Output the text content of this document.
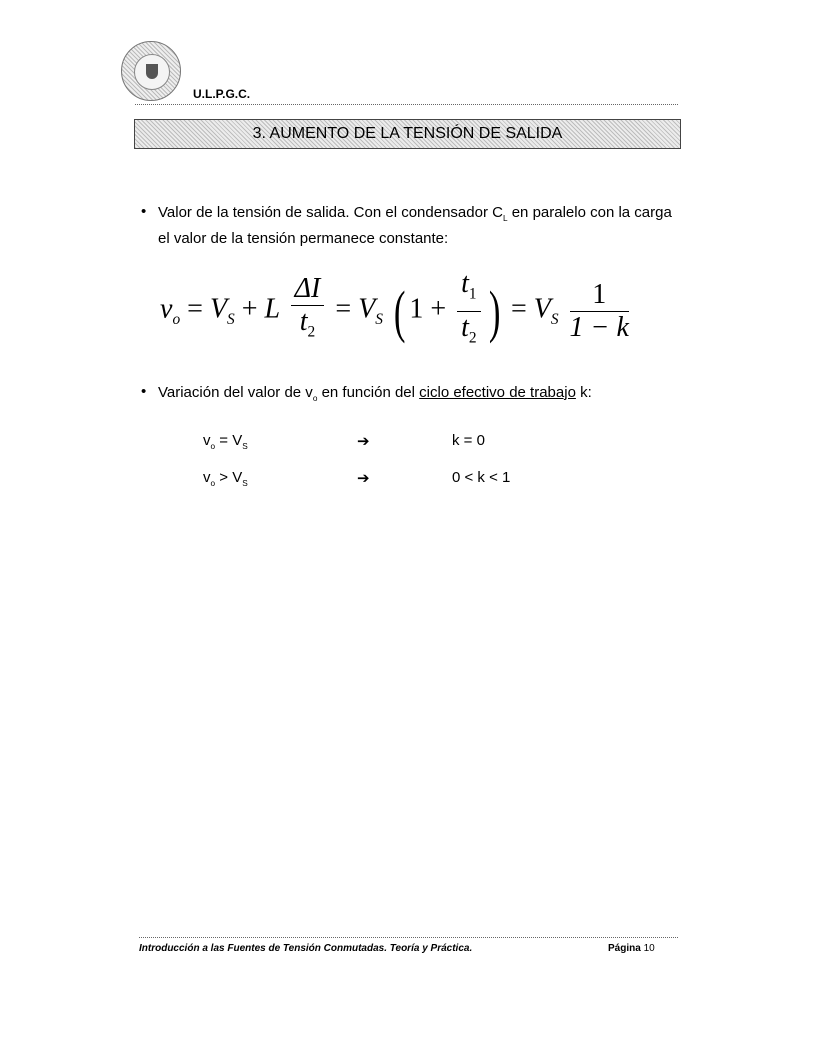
U.L.P.G.C.
3. AUMENTO DE LA TENSIÓN DE SALIDA
• Valor de la tensión de salida. Con el condensador $C_L$ en paralelo con la carga el valor de la tensión permanece constante:
$v_o = V_S + L \frac{\Delta I}{t_2} = V_S$ ( $1 + \frac{t_1}{t_2}$ ) = $V_S \frac{1}{1 - k}$
• Variación del valor de $v_o$ en función del ciclo efectivo de trabajo k:
$v_o = V_S$	➔	k = 0
$v_o > V_S$	➔	0 < k < 1
Introducción a las Fuentes de Tensión Conmutadas. Teoría y Práctica.	Página 10
